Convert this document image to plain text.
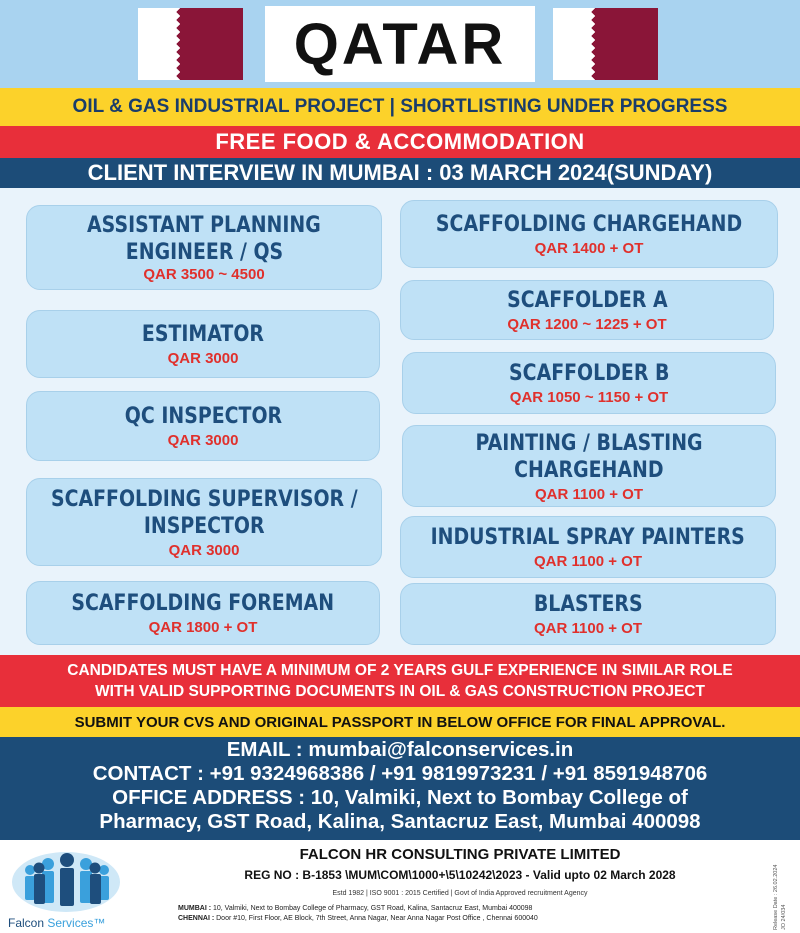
QATAR
OIL & GAS INDUSTRIAL PROJECT | SHORTLISTING UNDER PROGRESS
FREE FOOD & ACCOMMODATION
CLIENT INTERVIEW IN MUMBAI : 03 MARCH 2024(SUNDAY)
ASSISTANT PLANNING
ENGINEER / QS
QAR 3500 ~ 4500
ESTIMATOR
QAR 3000
QC INSPECTOR
QAR 3000
SCAFFOLDING SUPERVISOR /
INSPECTOR
QAR 3000
SCAFFOLDING FOREMAN
QAR 1800 + OT
SCAFFOLDING CHARGEHAND
QAR 1400 + OT
SCAFFOLDER A
QAR 1200 ~ 1225 + OT
SCAFFOLDER B
QAR 1050 ~ 1150 + OT
PAINTING / BLASTING
CHARGEHAND
QAR 1100 + OT
INDUSTRIAL SPRAY PAINTERS
QAR 1100 + OT
BLASTERS
QAR 1100 + OT
CANDIDATES MUST HAVE A MINIMUM OF 2 YEARS GULF EXPERIENCE IN SIMILAR ROLE
WITH VALID SUPPORTING DOCUMENTS IN OIL & GAS CONSTRUCTION PROJECT
SUBMIT YOUR CVS AND ORIGINAL PASSPORT IN BELOW OFFICE FOR FINAL APPROVAL.
EMAIL : mumbai@falconservices.in
CONTACT : +91 9324968386 / +91 9819973231 / +91 8591948706
OFFICE ADDRESS : 10, Valmiki, Next to Bombay College of
Pharmacy, GST Road, Kalina, Santacruz East, Mumbai 400098
Falcon Services™
FALCON HR CONSULTING PRIVATE LIMITED
REG NO : B-1853 \MUM\COM\1000+\5\10242\2023 - Valid upto 02 March 2028
Estd 1982 | ISO 9001 : 2015 Certified | Govt of India Approved recruitment Agency
MUMBAI : 10, Valmiki, Next to Bombay College of Pharmacy, GST Road, Kalina, Santacruz East, Mumbai 400098
CHENNAI : Door #10, First Floor, AE Block, 7th Street, Anna Nagar, Near Anna Nagar Post Office , Chennai 600040	Release Date : 26.02.2024 JO 24/034
